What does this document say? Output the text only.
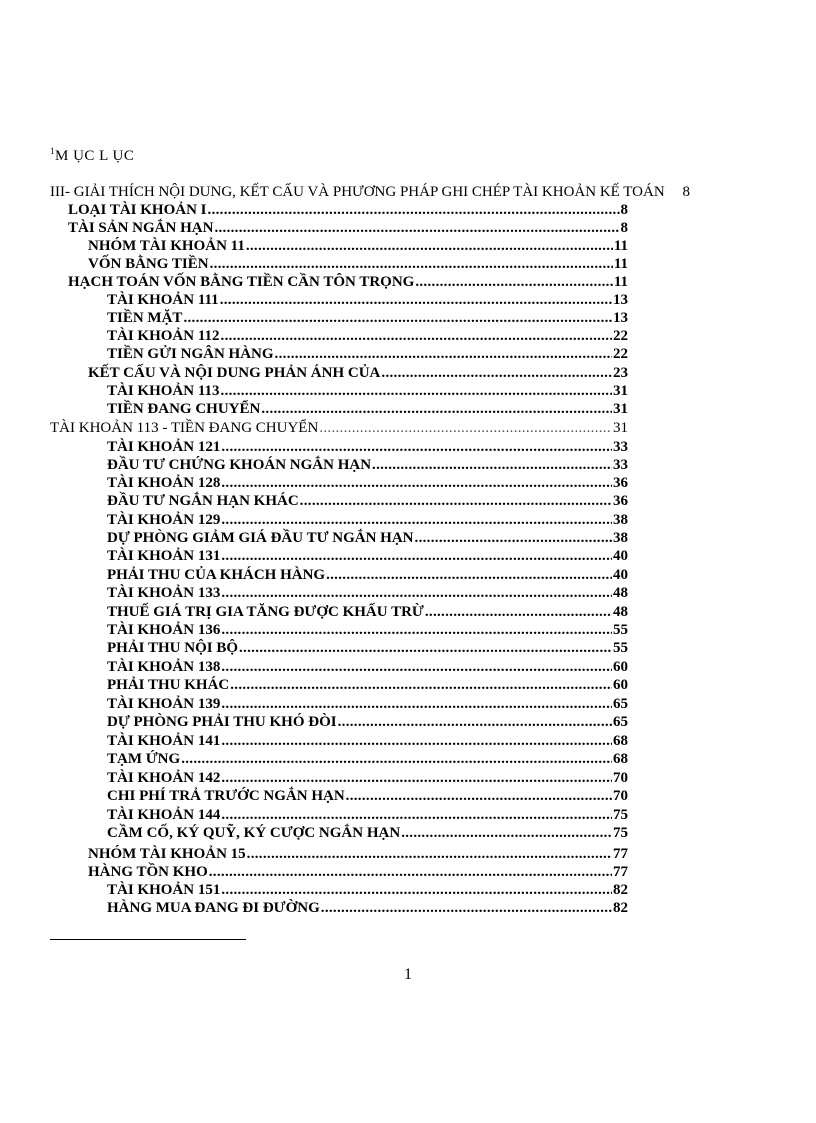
$^1$M ỤC L ỤC
III- GIẢI THÍCH NỘI DUNG, KẾT CẤU VÀ PHƯƠNG PHÁP GHI CHÉP TÀI KHOẢN KẾ TOÁN 8
LOẠI TÀI KHOẢN I .....	8
TÀI SẢN NGẮN HẠN .....	8
NHÓM TÀI KHOẢN 11 .....	11
VỐN BẰNG TIỀN .....	11
HẠCH TOÁN VỐN BẰNG TIỀN CẦN TÔN TRỌNG .....	11
TÀI KHOẢN 111 .....	13
TIỀN MẶT .....	13
TÀI KHOẢN 112 .....	22
TIỀN GỬI NGÂN HÀNG .....	22
KẾT CẤU VÀ NỘI DUNG PHẢN ÁNH CỦA .....	23
TÀI KHOẢN 113 .....	31
TIỀN ĐANG CHUYỂN .....	31
TÀI KHOẢN 113 - TIỀN ĐANG CHUYỂN .....	31
TÀI KHOẢN 121 .....	33
ĐẦU TƯ CHỨNG KHOÁN NGẮN HẠN .....	33
TÀI KHOẢN 128 .....	36
ĐẦU TƯ NGẮN HẠN KHÁC .....	36
TÀI KHOẢN 129 .....	38
DỰ PHÒNG GIẢM GIÁ ĐẦU TƯ NGẮN HẠN .....	38
TÀI KHOẢN 131 .....	40
PHẢI THU CỦA KHÁCH HÀNG .....	40
TÀI KHOẢN 133 .....	48
THUẾ GIÁ TRỊ GIA TĂNG ĐƯỢC KHẤU TRỪ .....	48
TÀI KHOẢN 136 .....	55
PHẢI THU NỘI BỘ .....	55
TÀI KHOẢN 138 .....	60
PHẢI THU KHÁC .....	60
TÀI KHOẢN 139 .....	65
DỰ PHÒNG PHẢI THU KHÓ ĐÒI .....	65
TÀI KHOẢN 141 .....	68
TẠM ỨNG .....	68
TÀI KHOẢN 142 .....	70
CHI PHÍ TRẢ TRƯỚC NGẮN HẠN .....	70
TÀI KHOẢN 144 .....	75
CẦM CỐ, KÝ QUỸ, KÝ CƯỢC NGẮN HẠN .....	75
NHÓM TÀI KHOẢN 15 .....	77
HÀNG TỒN KHO .....	77
TÀI KHOẢN 151 .....	82
HÀNG MUA ĐANG ĐI ĐƯỜNG .....	82
1
